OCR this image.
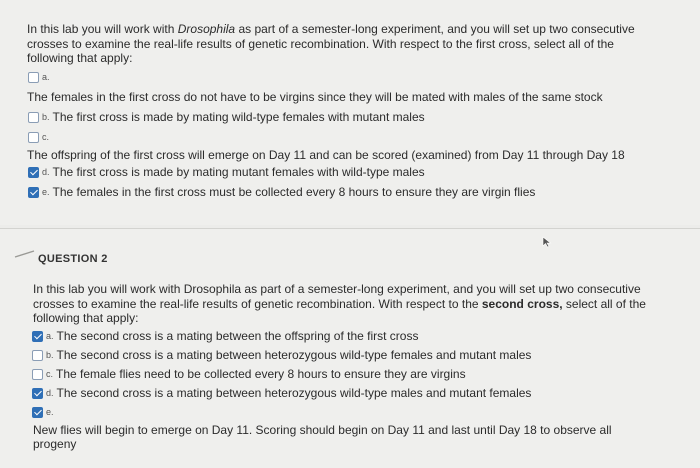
In this lab you will work with Drosophila as part of a semester-long experiment, and you will set up two consecutive crosses to examine the real-life results of genetic recombination. With respect to the first cross, select all of the following that apply:
a.
The females in the first cross do not have to be virgins since they will be mated with males of the same stock
b. The first cross is made by mating wild-type females with mutant males
c.
The offspring of the first cross will emerge on Day 11 and can be scored (examined) from Day 11 through Day 18
d. The first cross is made by mating mutant females with wild-type males
e. The females in the first cross must be collected every 8 hours to ensure they are virgin flies
QUESTION 2
In this lab you will work with Drosophila as part of a semester-long experiment, and you will set up two consecutive crosses to examine the real-life results of genetic recombination. With respect to the second cross, select all of the following that apply:
a. The second cross is a mating between the offspring of the first cross
b. The second cross is a mating between heterozygous wild-type females and mutant males
c. The female flies need to be collected every 8 hours to ensure they are virgins
d. The second cross is a mating between heterozygous wild-type males and mutant females
e.
New flies will begin to emerge on Day 11. Scoring should begin on Day 11 and last until Day 18 to observe all progeny
